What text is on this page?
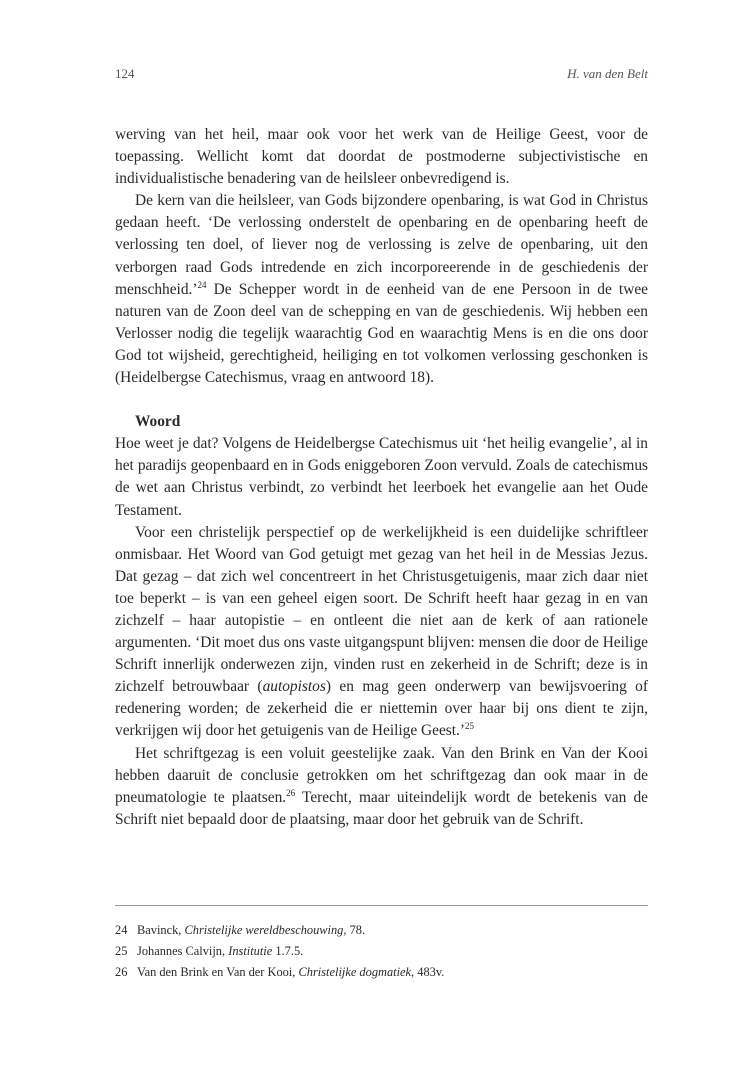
124	H. van den Belt

werving van het heil, maar ook voor het werk van de Heilige Geest, voor de toepassing. Wellicht komt dat doordat de postmoderne subjectivistische en individualistische benadering van de heilsleer onbevredigend is.

De kern van die heilsleer, van Gods bijzondere openbaring, is wat God in Christus gedaan heeft. ‘De verlossing onderstelt de openbaring en de openbaring heeft de verlossing ten doel, of liever nog de verlossing is zelve de openbaring, uit den verborgen raad Gods intredende en zich incorporeerende in de geschiedenis der menschheid.’$^{24}$ De Schepper wordt in de eenheid van de ene Persoon in de twee naturen van de Zoon deel van de schepping en van de geschiedenis. Wij hebben een Verlosser nodig die tegelijk waarachtig God en waarachtig Mens is en die ons door God tot wijsheid, gerechtigheid, heiliging en tot volkomen verlossing geschonken is (Heidelbergse Catechismus, vraag en antwoord 18).

Woord

Hoe weet je dat? Volgens de Heidelbergse Catechismus uit ‘het heilig evangelie’, al in het paradijs geopenbaard en in Gods eniggeboren Zoon vervuld. Zoals de catechismus de wet aan Christus verbindt, zo verbindt het leerboek het evangelie aan het Oude Testament.

Voor een christelijk perspectief op de werkelijkheid is een duidelijke schriftleer onmisbaar. Het Woord van God getuigt met gezag van het heil in de Messias Jezus. Dat gezag – dat zich wel concentreert in het Christusgetuigenis, maar zich daar niet toe beperkt – is van een geheel eigen soort. De Schrift heeft haar gezag in en van zichzelf – haar autopistie – en ontleent die niet aan de kerk of aan rationele argumenten. ‘Dit moet dus ons vaste uitgangspunt blijven: mensen die door de Heilige Schrift innerlijk onderwezen zijn, vinden rust en zekerheid in de Schrift; deze is in zichzelf betrouwbaar (autopistos) en mag geen onderwerp van bewijsvoering of redenering worden; de zekerheid die er niettemin over haar bij ons dient te zijn, verkrijgen wij door het getuigenis van de Heilige Geest.’$^{25}$

Het schriftgezag is een voluit geestelijke zaak. Van den Brink en Van der Kooi hebben daaruit de conclusie getrokken om het schriftgezag dan ook maar in de pneumatologie te plaatsen.$^{26}$ Terecht, maar uiteindelijk wordt de betekenis van de Schrift niet bepaald door de plaatsing, maar door het gebruik van de Schrift.

24 Bavinck, Christelijke wereldbeschouwing, 78.
25 Johannes Calvijn, Institutie 1.7.5.
26 Van den Brink en Van der Kooi, Christelijke dogmatiek, 483v.
